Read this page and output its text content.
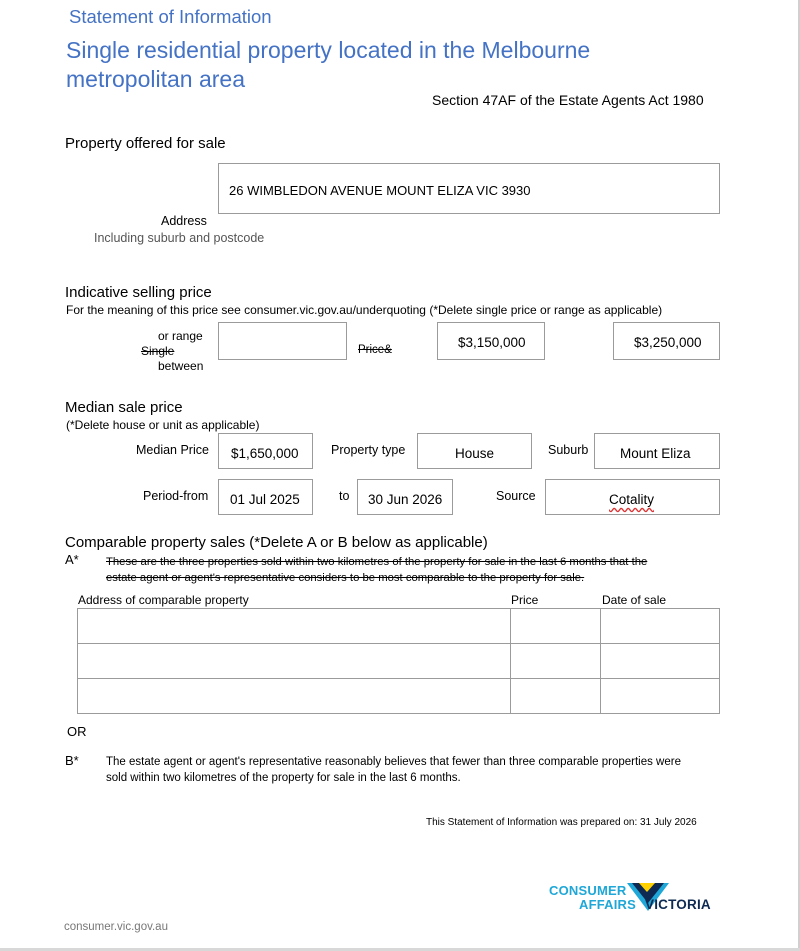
Statement of Information
Single residential property located in the Melbourne
metropolitan area
Section 47AF of the Estate Agents Act 1980
Property offered for sale
26 WIMBLEDON AVENUE MOUNT ELIZA VIC 3930
Address
Including suburb and postcode
Indicative selling price
For the meaning of this price see consumer.vic.gov.au/underquoting (*Delete single price or range as applicable)
or range
Single
between
Price&	$3,150,000	$3,250,000
Median sale price
(*Delete house or unit as applicable)
Median Price $1,650,000	Property type	House	Suburb Mount Eliza
Period-from 01 Jul 2025	to 30 Jun 2026	Source	Cotality
Comparable property sales (*Delete A or B below as applicable)
A* These are the three properties sold within two kilometres of the property for sale in the last 6 months that the
estate agent or agent's representative considers to be most comparable to the property for sale.
Address of comparable property	Price	Date of sale

OR
B* The estate agent or agent's representative reasonably believes that fewer than three comparable properties were
sold within two kilometres of the property for sale in the last 6 months.
This Statement of Information was prepared on: 31 July 2026
CONSUMER
AFFAIRS VICTORIA
consumer.vic.gov.au
